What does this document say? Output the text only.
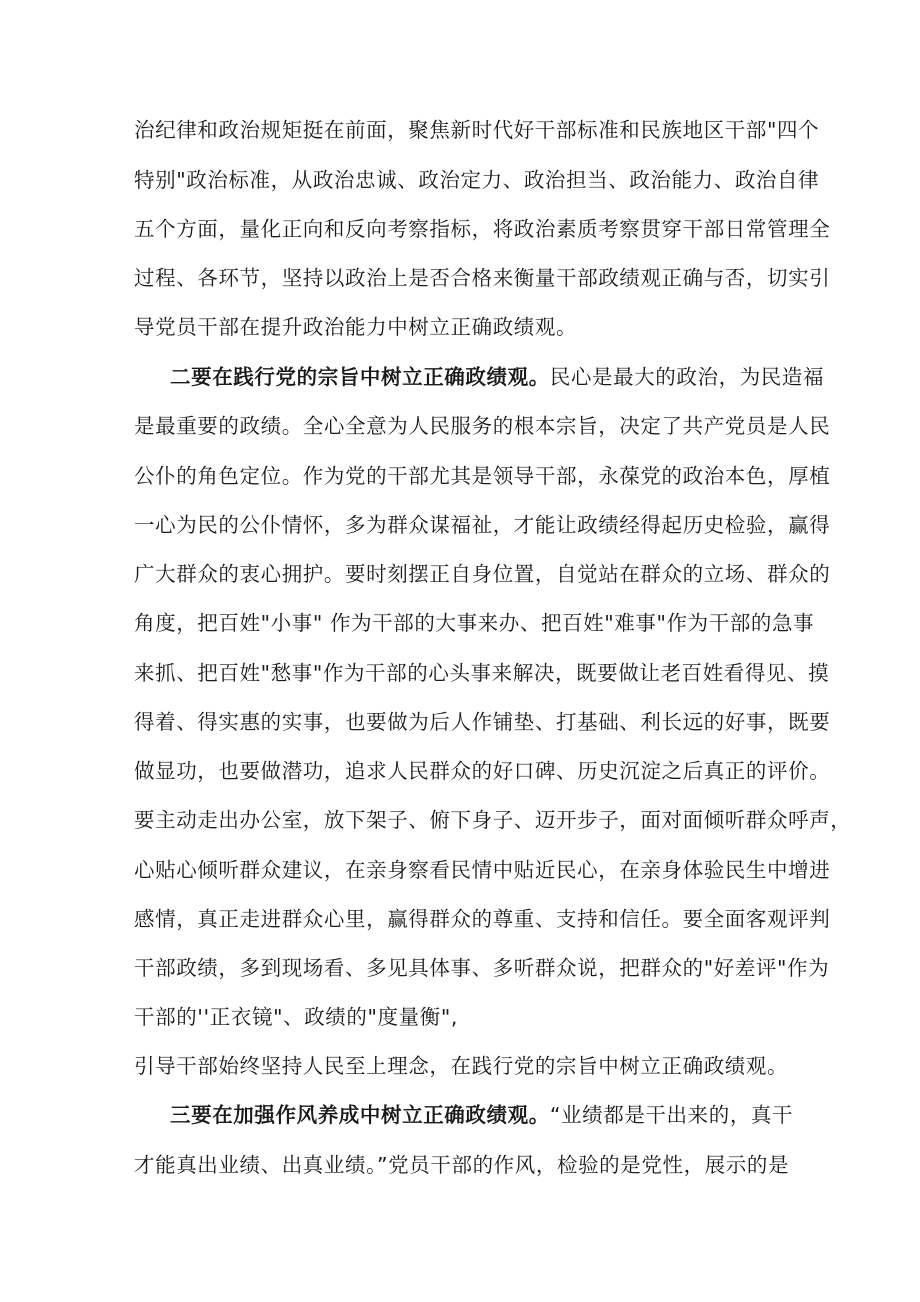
治纪律和政治规矩挺在前面，聚焦新时代好干部标准和民族地区干部"四个
特别"政治标准，从政治忠诚、政治定力、政治担当、政治能力、政治自律
五个方面，量化正向和反向考察指标，将政治素质考察贯穿干部日常管理全
过程、各环节，坚持以政治上是否合格来衡量干部政绩观正确与否，切实引
导党员干部在提升政治能力中树立正确政绩观。
二要在践行党的宗旨中树立正确政绩观。民心是最大的政治，为民造福
是最重要的政绩。全心全意为人民服务的根本宗旨，决定了共产党员是人民
公仆的角色定位。作为党的干部尤其是领导干部，永葆党的政治本色，厚植
一心为民的公仆情怀，多为群众谋福祉，才能让政绩经得起历史检验，赢得
广大群众的衷心拥护。要时刻摆正自身位置，自觉站在群众的立场、群众的
角度，把百姓"小事" 作为干部的大事来办、把百姓"难事"作为干部的急事
来抓、把百姓"愁事"作为干部的心头事来解决，既要做让老百姓看得见、摸
得着、得实惠的实事，也要做为后人作铺垫、打基础、利长远的好事，既要
做显功，也要做潜功，追求人民群众的好口碑、历史沉淀之后真正的评价。
要主动走出办公室，放下架子、俯下身子、迈开步子，面对面倾听群众呼声，
心贴心倾听群众建议，在亲身察看民情中贴近民心，在亲身体验民生中增进
感情，真正走进群众心里，赢得群众的尊重、支持和信任。要全面客观评判
干部政绩，多到现场看、多见具体事、多听群众说，把群众的"好差评"作为
干部的''正衣镜"、政绩的"度量衡",
引导干部始终坚持人民至上理念，在践行党的宗旨中树立正确政绩观。
三要在加强作风养成中树立正确政绩观。“业绩都是干出来的，真干
才能真出业绩、出真业绩。”党员干部的作风，检验的是党性，展示的是
